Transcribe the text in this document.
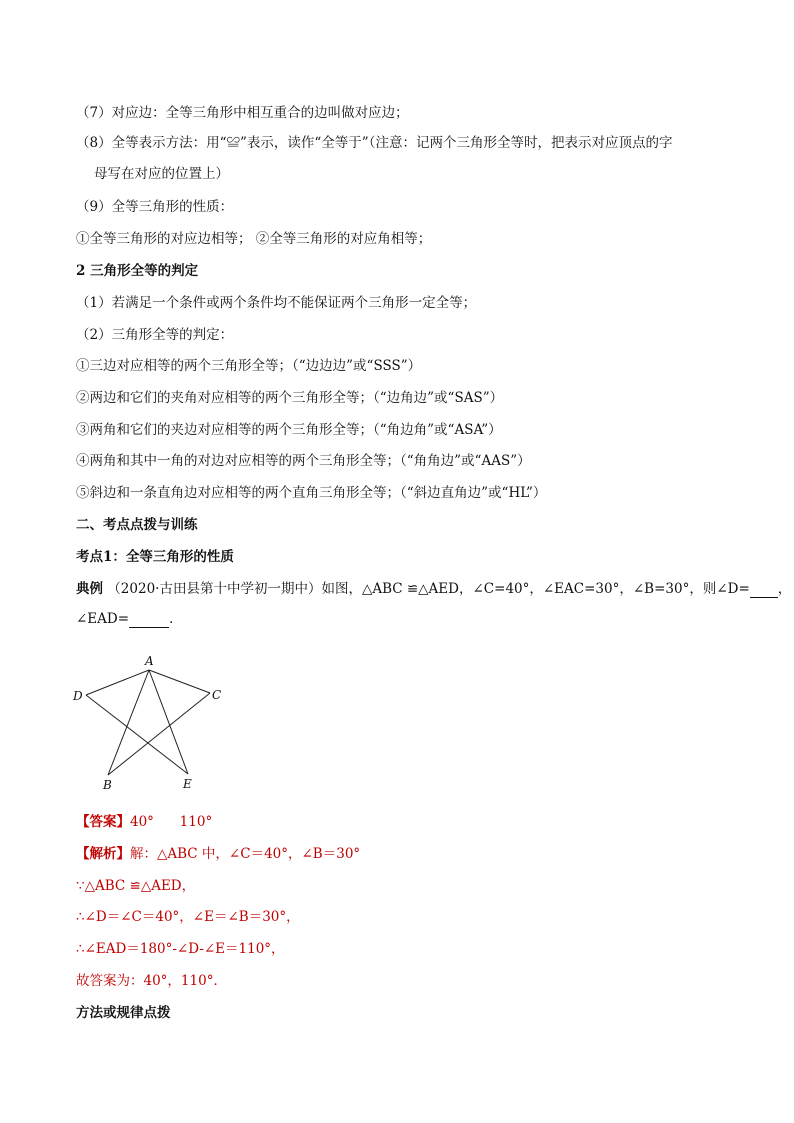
（7）对应边：全等三角形中相互重合的边叫做对应边；
（8）全等表示方法：用“≌”表示，读作“全等于”（注意：记两个三角形全等时，把表示对应顶点的字
母写在对应的位置上）
（9）全等三角形的性质：
①全等三角形的对应边相等； ②全等三角形的对应角相等；
2 三角形全等的判定
（1）若满足一个条件或两个条件均不能保证两个三角形一定全等；
（2）三角形全等的判定：
①三边对应相等的两个三角形全等；（“边边边”或“SSS”）
②两边和它们的夹角对应相等的两个三角形全等；（“边角边”或“SAS”）
③两角和它们的夹边对应相等的两个三角形全等；（“角边角”或“ASA”）
④两角和其中一角的对边对应相等的两个三角形全等；（“角角边”或“AAS”）
⑤斜边和一条直角边对应相等的两个直角三角形全等；（“斜边直角边”或“HL”）
二、考点点拨与训练
考点1：全等三角形的性质
典例 （2020·古田县第十中学初一期中）如图，△ABC ≌△AED，∠C=40°，∠EAC=30°，∠B=30°，则∠D= ，
∠EAD=	．
A
D	C
B	E
【答案】40°      110°
【解析】解：△ABC 中，∠C＝40°，∠B＝30°
∵△ABC ≌△AED，
∴∠D＝∠C＝40°，∠E＝∠B＝30°，
∴∠EAD＝180°-∠D-∠E＝110°，
故答案为：40°，110°．
方法或规律点拨
